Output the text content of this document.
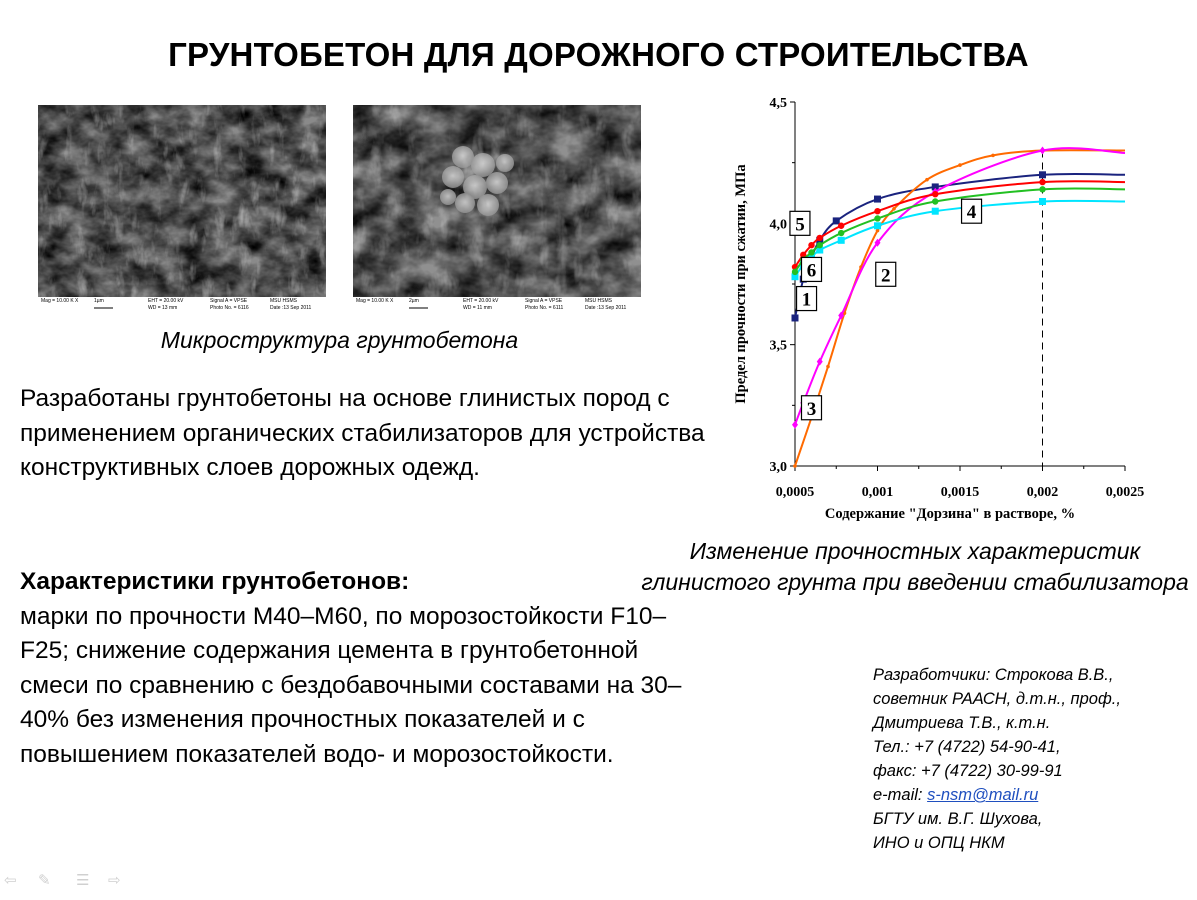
ГРУНТОБЕТОН ДЛЯ ДОРОЖНОГО СТРОИТЕЛЬСТВА
Mag = 10.00 K X	1µm	EHT = 20.00 kV
WD = 13 mm
Signal A = VPSE
Photo No. = 6116
MSU HSMS
Date :13 Sep 2011
Mag = 10.00 K X	2µm	EHT = 20.00 kV
WD = 11 mm
Signal A = VPSE
Photo No. = 6111
MSU HSMS
Date :13 Sep 2011
Микроструктура грунтобетона
Разработаны грунтобетоны на основе глинистых пород с применением органических стабилизаторов для устройства конструктивных слоев дорожных одежд.
Характеристики грунтобетонов:
марки по прочности М40–М60, по морозостойкости F10–F25; снижение содержания цемента в грунтобетонной смеси по сравнению с бездобавочными составами на 30–40% без изменения прочностных показателей и с повышением показателей водо- и морозостойкости.
3,0
3,5
4,0
4,5
0,0005	0,001	0,0015	0,002	0,0025
5
6
1
3
2
4
Предел прочности при сжатии, МПа
Содержание "Дорзина" в растворе, %
Изменение прочностных характеристик глинистого грунта при введении стабилизатора
Разработчики: Строкова В.В.,
советник РААСН, д.т.н., проф.,
Дмитриева Т.В., к.т.н.
Тел.: +7 (4722) 54-90-41,
факс: +7 (4722) 30-99-91
e-mail: s-nsm@mail.ru
БГТУ им. В.Г. Шухова,
ИНО и ОПЦ НКМ
⇦ ✎ ☰ ⇨
